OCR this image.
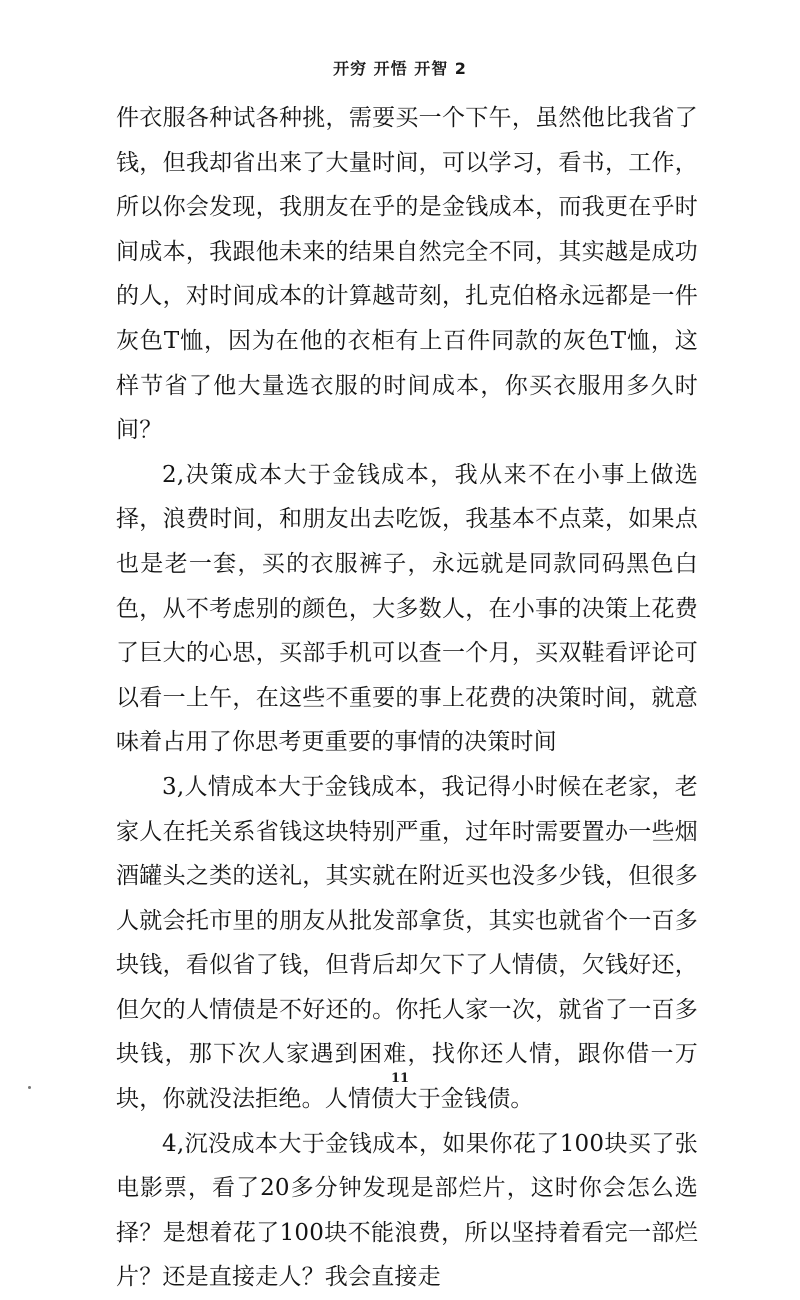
开穷 开悟 开智 2

件衣服各种试各种挑，需要买一个下午，虽然他比我省了钱，但我却省出来了大量时间，可以学习，看书，工作，所以你会发现，我朋友在乎的是金钱成本，而我更在乎时间成本，我跟他未来的结果自然完全不同，其实越是成功的人，对时间成本的计算越苛刻，扎克伯格永远都是一件灰色T恤，因为在他的衣柜有上百件同款的灰色T恤，这样节省了他大量选衣服的时间成本，你买衣服用多久时间？

2,决策成本大于金钱成本，我从来不在小事上做选择，浪费时间，和朋友出去吃饭，我基本不点菜，如果点也是老一套，买的衣服裤子，永远就是同款同码黑色白色，从不考虑别的颜色，大多数人，在小事的决策上花费了巨大的心思，买部手机可以查一个月，买双鞋看评论可以看一上午，在这些不重要的事上花费的决策时间，就意味着占用了你思考更重要的事情的决策时间

3,人情成本大于金钱成本，我记得小时候在老家，老家人在托关系省钱这块特别严重，过年时需要置办一些烟酒罐头之类的送礼，其实就在附近买也没多少钱，但很多人就会托市里的朋友从批发部拿货，其实也就省个一百多块钱，看似省了钱，但背后却欠下了人情债，欠钱好还，但欠的人情债是不好还的。你托人家一次，就省了一百多块钱，那下次人家遇到困难，找你还人情，跟你借一万块，你就没法拒绝。人情债大于金钱债。

4,沉没成本大于金钱成本，如果你花了100块买了张电影票，看了20多分钟发现是部烂片，这时你会怎么选择？是想着花了100块不能浪费，所以坚持着看完一部烂片？还是直接走人？我会直接走

11
